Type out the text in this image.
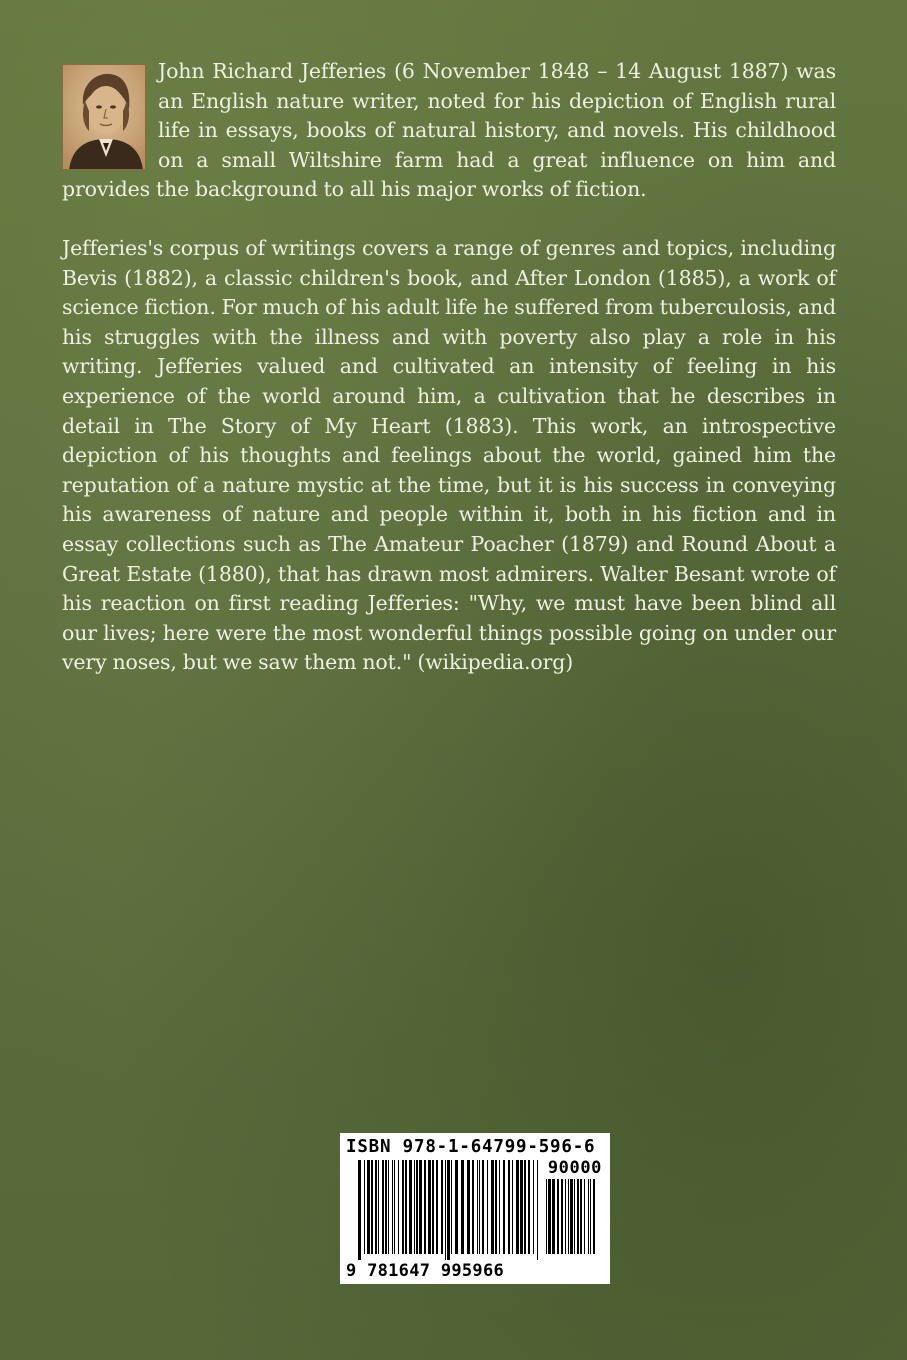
John Richard Jefferies (6 November 1848 – 14 August 1887) was an English nature writer, noted for his depiction of English rural life in essays, books of natural history, and novels. His childhood on a small Wiltshire farm had a great influence on him and provides the background to all his major works of fiction.

Jefferies's corpus of writings covers a range of genres and topics, including Bevis (1882), a classic children's book, and After London (1885), a work of science fiction. For much of his adult life he suffered from tuberculosis, and his struggles with the illness and with poverty also play a role in his writing. Jefferies valued and cultivated an intensity of feeling in his experience of the world around him, a cultivation that he describes in detail in The Story of My Heart (1883). This work, an introspective depiction of his thoughts and feelings about the world, gained him the reputation of a nature mystic at the time, but it is his success in conveying his awareness of nature and people within it, both in his fiction and in essay collections such as The Amateur Poacher (1879) and Round About a Great Estate (1880), that has drawn most admirers. Walter Besant wrote of his reaction on first reading Jefferies: "Why, we must have been blind all our lives; here were the most wonderful things possible going on under our very noses, but we saw them not." (wikipedia.org)

ISBN 978-1-64799-596-6
90000
9 781647 995966
